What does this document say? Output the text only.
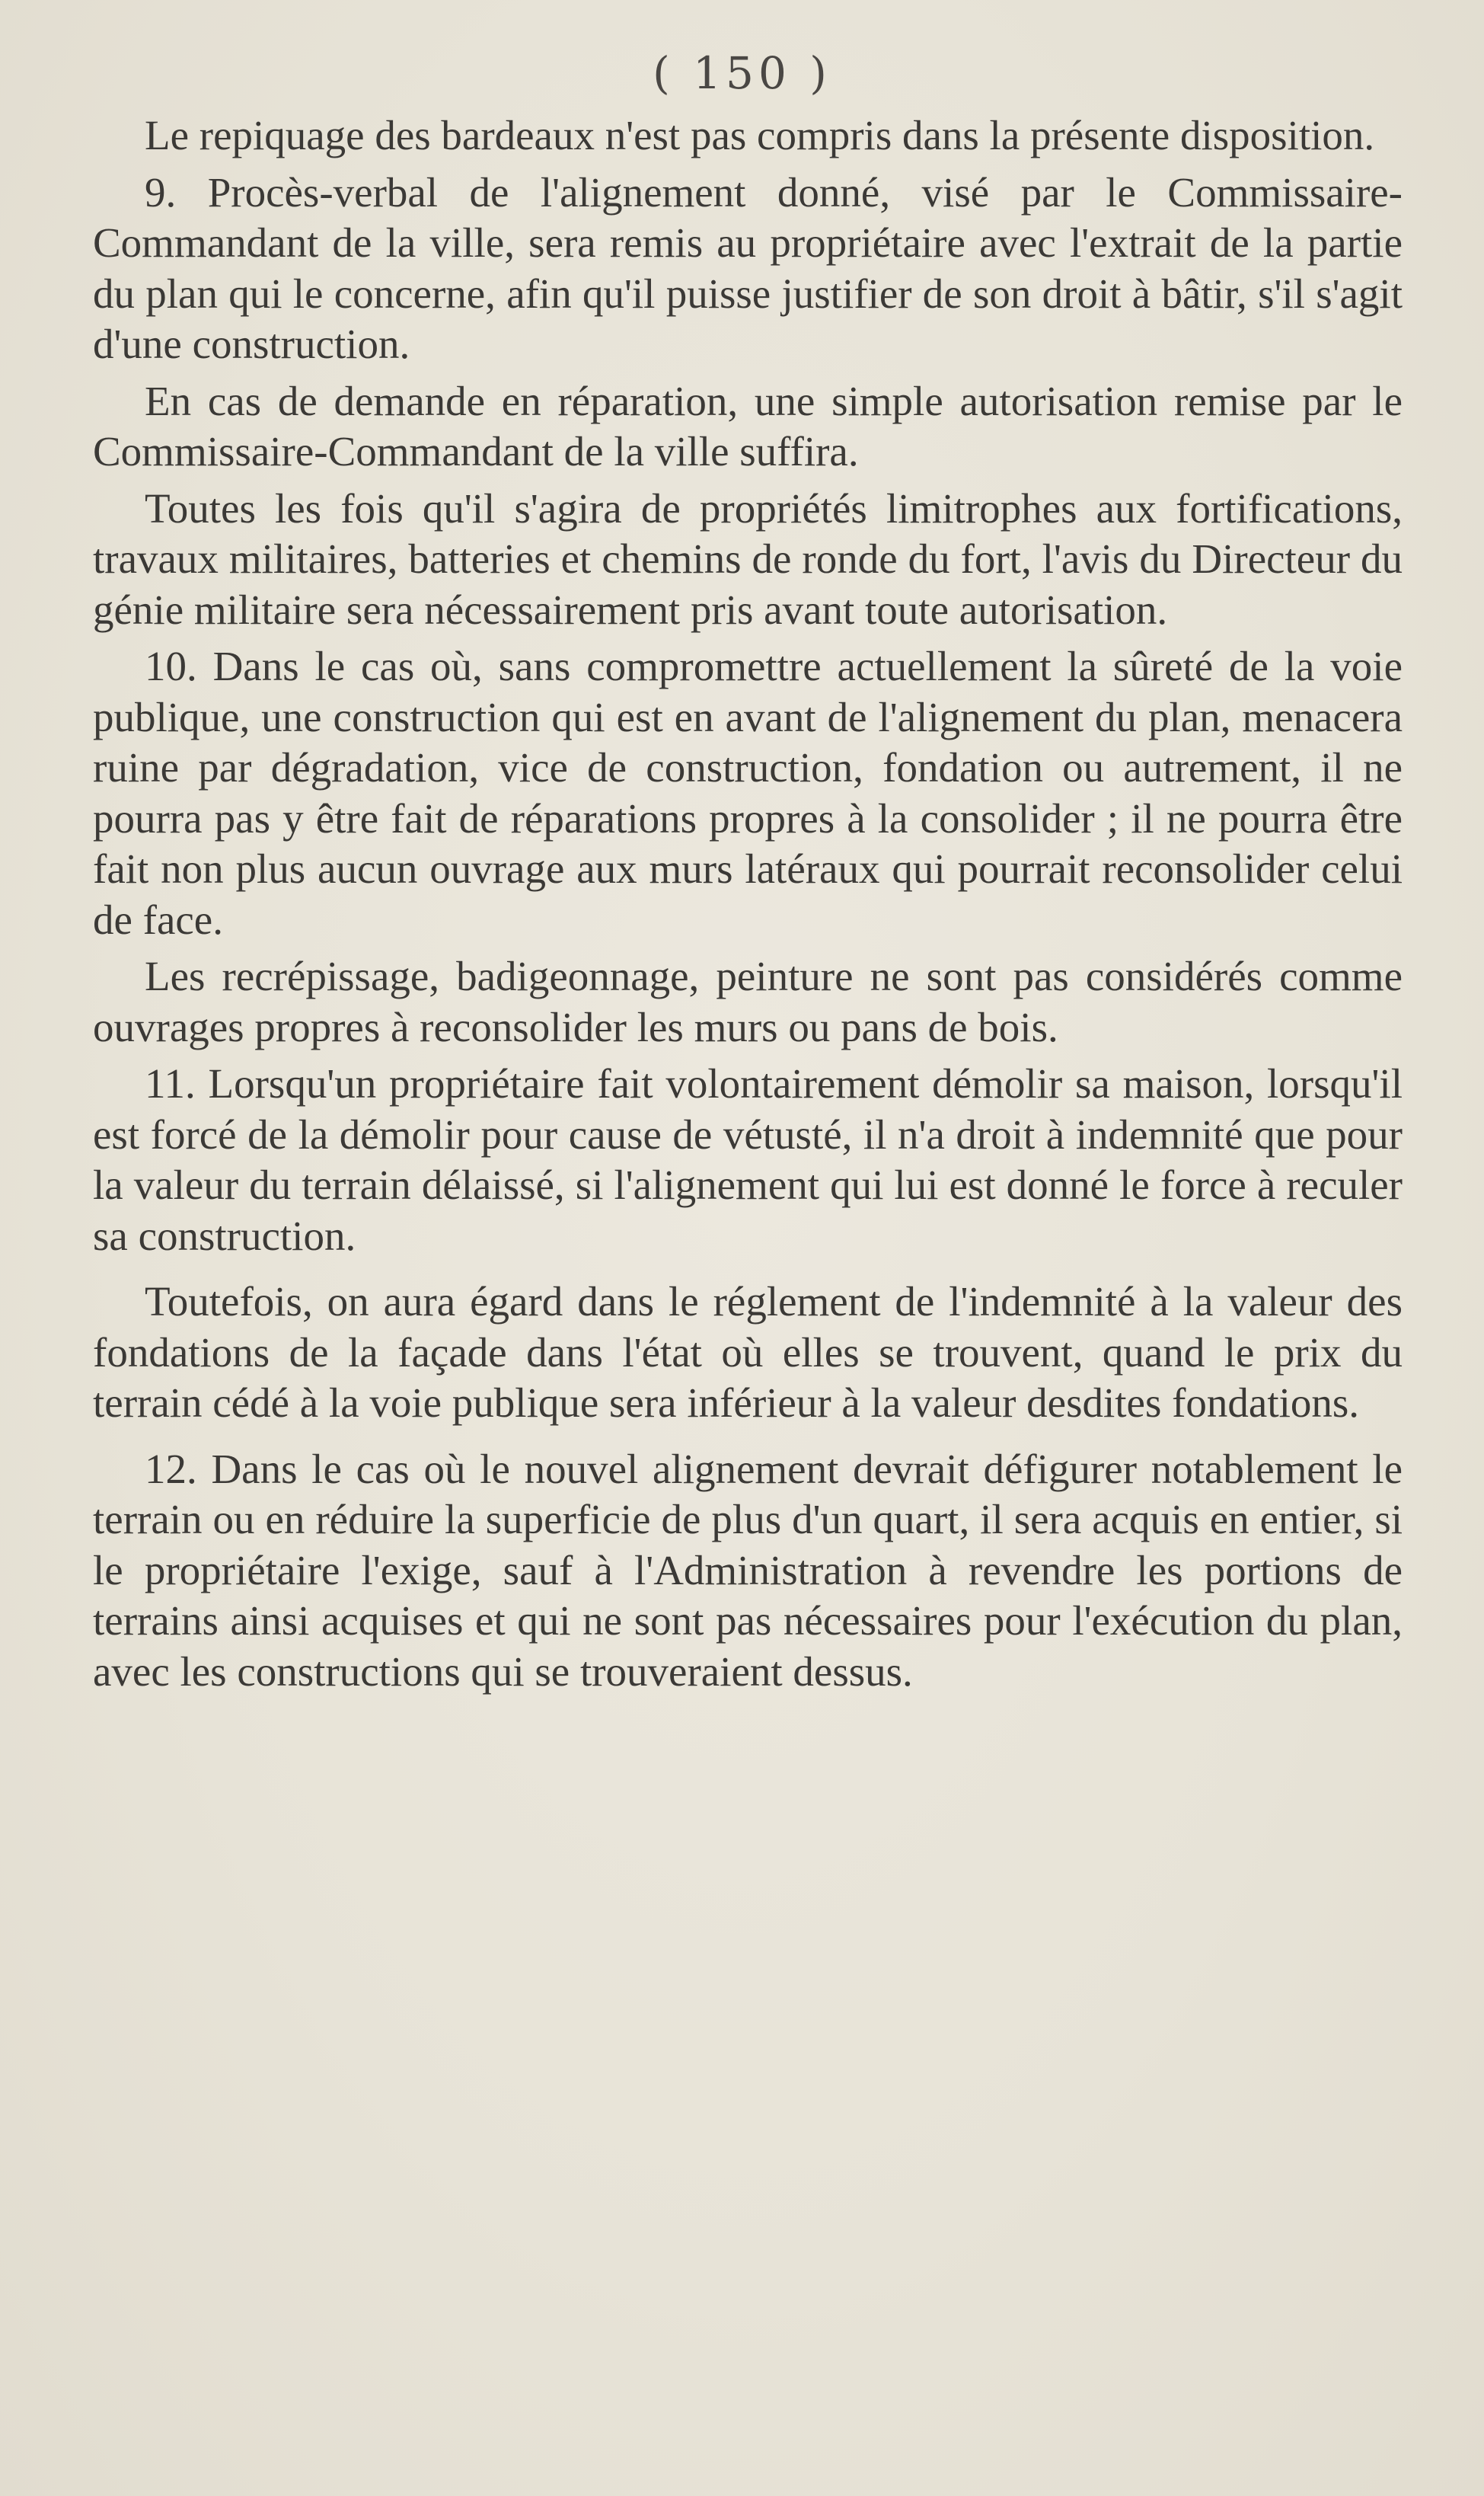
( 150 )

Le repiquage des bardeaux n'est pas compris dans la présente disposition.

9. Procès-verbal de l'alignement donné, visé par le Commissaire-Commandant de la ville, sera remis au propriétaire avec l'extrait de la partie du plan qui le concerne, afin qu'il puisse justifier de son droit à bâtir, s'il s'agit d'une construction.

En cas de demande en réparation, une simple autorisation remise par le Commissaire-Commandant de la ville suffira.

Toutes les fois qu'il s'agira de propriétés limitrophes aux fortifications, travaux militaires, batteries et chemins de ronde du fort, l'avis du Directeur du génie militaire sera nécessairement pris avant toute autorisation.

10. Dans le cas où, sans compromettre actuellement la sûreté de la voie publique, une construction qui est en avant de l'alignement du plan, menacera ruine par dégradation, vice de construction, fondation ou autrement, il ne pourra pas y être fait de réparations propres à la consolider ; il ne pourra être fait non plus aucun ouvrage aux murs latéraux qui pourrait reconsolider celui de face.

Les recrépissage, badigeonnage, peinture ne sont pas considérés comme ouvrages propres à reconsolider les murs ou pans de bois.

11. Lorsqu'un propriétaire fait volontairement démolir sa maison, lorsqu'il est forcé de la démolir pour cause de vétusté, il n'a droit à indemnité que pour la valeur du terrain délaissé, si l'alignement qui lui est donné le force à reculer sa construction.

Toutefois, on aura égard dans le réglement de l'indemnité à la valeur des fondations de la façade dans l'état où elles se trouvent, quand le prix du terrain cédé à la voie publique sera inférieur à la valeur desdites fondations.

12. Dans le cas où le nouvel alignement devrait défigurer notablement le terrain ou en réduire la superficie de plus d'un quart, il sera acquis en entier, si le propriétaire l'exige, sauf à l'Administration à revendre les portions de terrains ainsi acquises et qui ne sont pas nécessaires pour l'exécution du plan, avec les constructions qui se trouveraient dessus.
